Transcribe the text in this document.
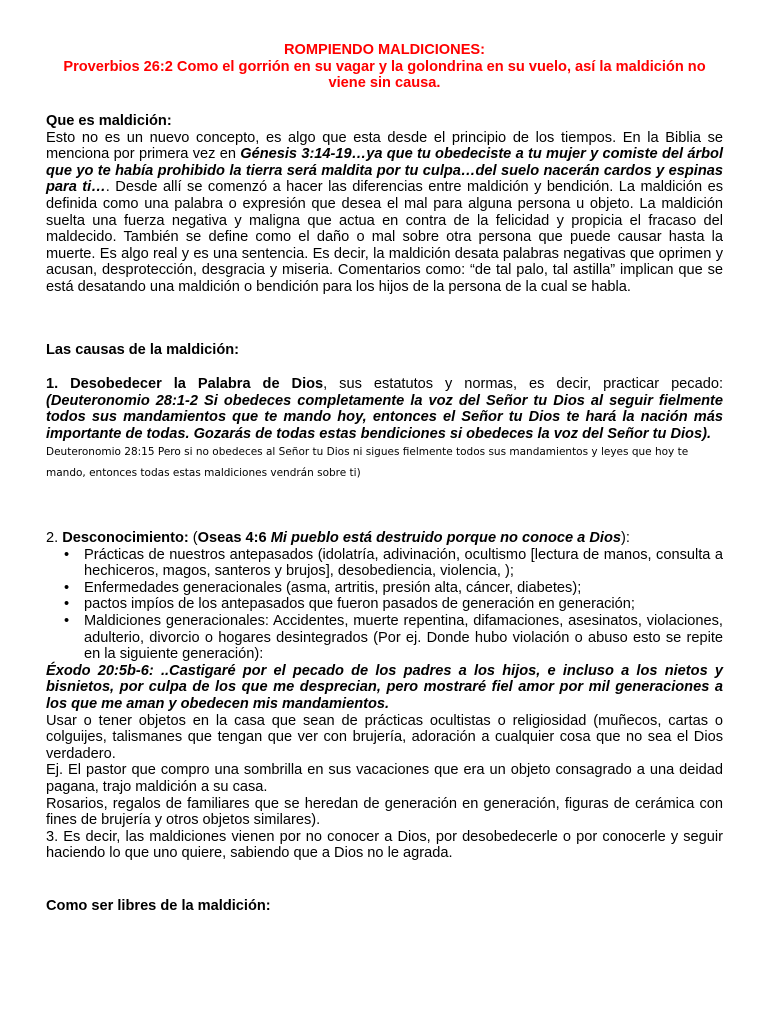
ROMPIENDO MALDICIONES:

Proverbios 26:2 Como el gorrión en su vagar y la golondrina en su vuelo, así la maldición no viene sin causa.

Que es maldición:

Esto no es un nuevo concepto, es algo que esta desde el principio de los tiempos. En la Biblia se menciona por primera vez en Génesis 3:14-19…ya que tu obedeciste a tu mujer y comiste del árbol que yo te había prohibido la tierra será maldita por tu culpa…del suelo nacerán cardos y espinas para ti…. Desde allí se comenzó a hacer las diferencias entre maldición y bendición. La maldición es definida como una palabra o expresión que desea el mal para alguna persona u objeto. La maldición suelta una fuerza negativa y maligna que actua en contra de la felicidad y propicia el fracaso del maldecido. También se define como el daño o mal sobre otra persona que puede causar hasta la muerte. Es algo real y es una sentencia. Es decir, la maldición desata palabras negativas que oprimen y acusan, desprotección, desgracia y miseria. Comentarios como: “de tal palo, tal astilla” implican que se está desatando una maldición o bendición para los hijos de la persona de la cual se habla.

Las causas de la maldición:

1. Desobedecer la Palabra de Dios, sus estatutos y normas, es decir, practicar pecado: (Deuteronomio 28:1-2 Si obedeces completamente la voz del Señor tu Dios al seguir fielmente todos sus mandamientos que te mando hoy, entonces el Señor tu Dios te hará la nación más importante de todas. Gozarás de todas estas bendiciones si obedeces la voz del Señor tu Dios).

Deuteronomio 28:15 Pero si no obedeces al Señor tu Dios ni sigues fielmente todos sus mandamientos y leyes que hoy te mando, entonces todas estas maldiciones vendrán sobre ti)

2. Desconocimiento: (Oseas 4:6 Mi pueblo está destruido porque no conoce a Dios):

• Prácticas de nuestros antepasados (idolatría, adivinación, ocultismo [lectura de manos, consulta a hechiceros, magos, santeros y brujos], desobediencia, violencia, );
• Enfermedades generacionales (asma, artritis, presión alta, cáncer, diabetes);
• pactos impíos de los antepasados que fueron pasados de generación en generación;
• Maldiciones generacionales: Accidentes, muerte repentina, difamaciones, asesinatos, violaciones, adulterio, divorcio o hogares desintegrados (Por ej. Donde hubo violación o abuso esto se repite en la siguiente generación):

Éxodo 20:5b-6: ..Castigaré por el pecado de los padres a los hijos, e incluso a los nietos y bisnietos, por culpa de los que me desprecian, pero mostraré fiel amor por mil generaciones a los que me aman y obedecen mis mandamientos.

Usar o tener objetos en la casa que sean de prácticas ocultistas o religiosidad (muñecos, cartas o colguijes, talismanes que tengan que ver con brujería, adoración a cualquier cosa que no sea el Dios verdadero.

Ej. El pastor que compro una sombrilla en sus vacaciones que era un objeto consagrado a una deidad pagana, trajo maldición a su casa.

Rosarios, regalos de familiares que se heredan de generación en generación, figuras de cerámica con fines de brujería y otros objetos similares).

3. Es decir, las maldiciones vienen por no conocer a Dios, por desobedecerle o por conocerle y seguir haciendo lo que uno quiere, sabiendo que a Dios no le agrada.

Como ser libres de la maldición:
